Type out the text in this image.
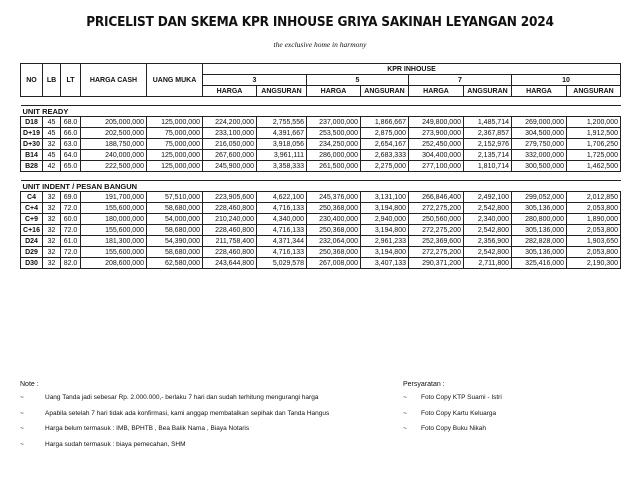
PRICELIST DAN SKEMA KPR INHOUSE GRIYA SAKINAH LEYANGAN 2024
the exclusive home in harmony
NO	LB	LT	HARGA CASH	UANG MUKA	KPR INHOUSE							
					3		5		7		10	
					HARGA	ANGSURAN	HARGA	ANGSURAN	HARGA	ANGSURAN	HARGA	ANGSURAN

UNIT READY												
D18	45	68.0	205,000,000	125,000,000	224,200,000	2,755,556	237,000,000	1,866,667	249,800,000	1,485,714	269,000,000	1,200,000
D+19	45	66.0	202,500,000	75,000,000	233,100,000	4,391,667	253,500,000	2,875,000	273,900,000	2,367,857	304,500,000	1,912,500
D+30	32	63.0	188,750,000	75,000,000	216,050,000	3,918,056	234,250,000	2,654,167	252,450,000	2,152,976	279,750,000	1,706,250
B14	45	64.0	240,000,000	125,000,000	267,600,000	3,961,111	286,000,000	2,683,333	304,400,000	2,135,714	332,000,000	1,725,000
B28	42	65.0	222,500,000	125,000,000	245,900,000	3,358,333	261,500,000	2,275,000	277,100,000	1,810,714	300,500,000	1,462,500

UNIT INDENT / PESAN BANGUN												
C4	32	69.0	191,700,000	57,510,000	223,905,600	4,622,100	245,376,000	3,131,100	266,846,400	2,492,100	299,052,000	2,012,850
C+4	32	72.0	155,600,000	58,680,000	228,460,800	4,716,133	250,368,000	3,194,800	272,275,200	2,542,800	305,136,000	2,053,800
C+9	32	60.0	180,000,000	54,000,000	210,240,000	4,340,000	230,400,000	2,940,000	250,560,000	2,340,000	280,800,000	1,890,000
C+16	32	72.0	155,600,000	58,680,000	228,460,800	4,716,133	250,368,000	3,194,800	272,275,200	2,542,800	305,136,000	2,053,800
D24	32	61.0	181,300,000	54,390,000	211,758,400	4,371,344	232,064,000	2,961,233	252,369,600	2,356,900	282,828,000	1,903,650
D29	32	72.0	155,600,000	58,680,000	228,460,800	4,716,133	250,368,000	3,194,800	272,275,200	2,542,800	305,136,000	2,053,800
D30	32	82.0	208,600,000	62,580,000	243,644,800	5,029,578	267,008,000	3,407,133	290,371,200	2,711,800	325,416,000	2,190,300
Note :
~	Uang Tanda jadi sebesar Rp. 2.000.000,- berlaku 7 hari dan sudah terhitung mengurangi harga
~	Apabila setelah 7 hari tidak ada konfirmasi, kami anggap membatalkan sepihak dan Tanda Hangus
~	Harga belum termasuk : IMB, BPHTB , Bea Balik Nama , Biaya Notaris
~	Harga sudah termasuk : biaya pemecahan, SHM
Persyaratan :
~	Foto Copy KTP Suami - Istri
~	Foto Copy Kartu Keluarga
~	Foto Copy Buku Nikah
